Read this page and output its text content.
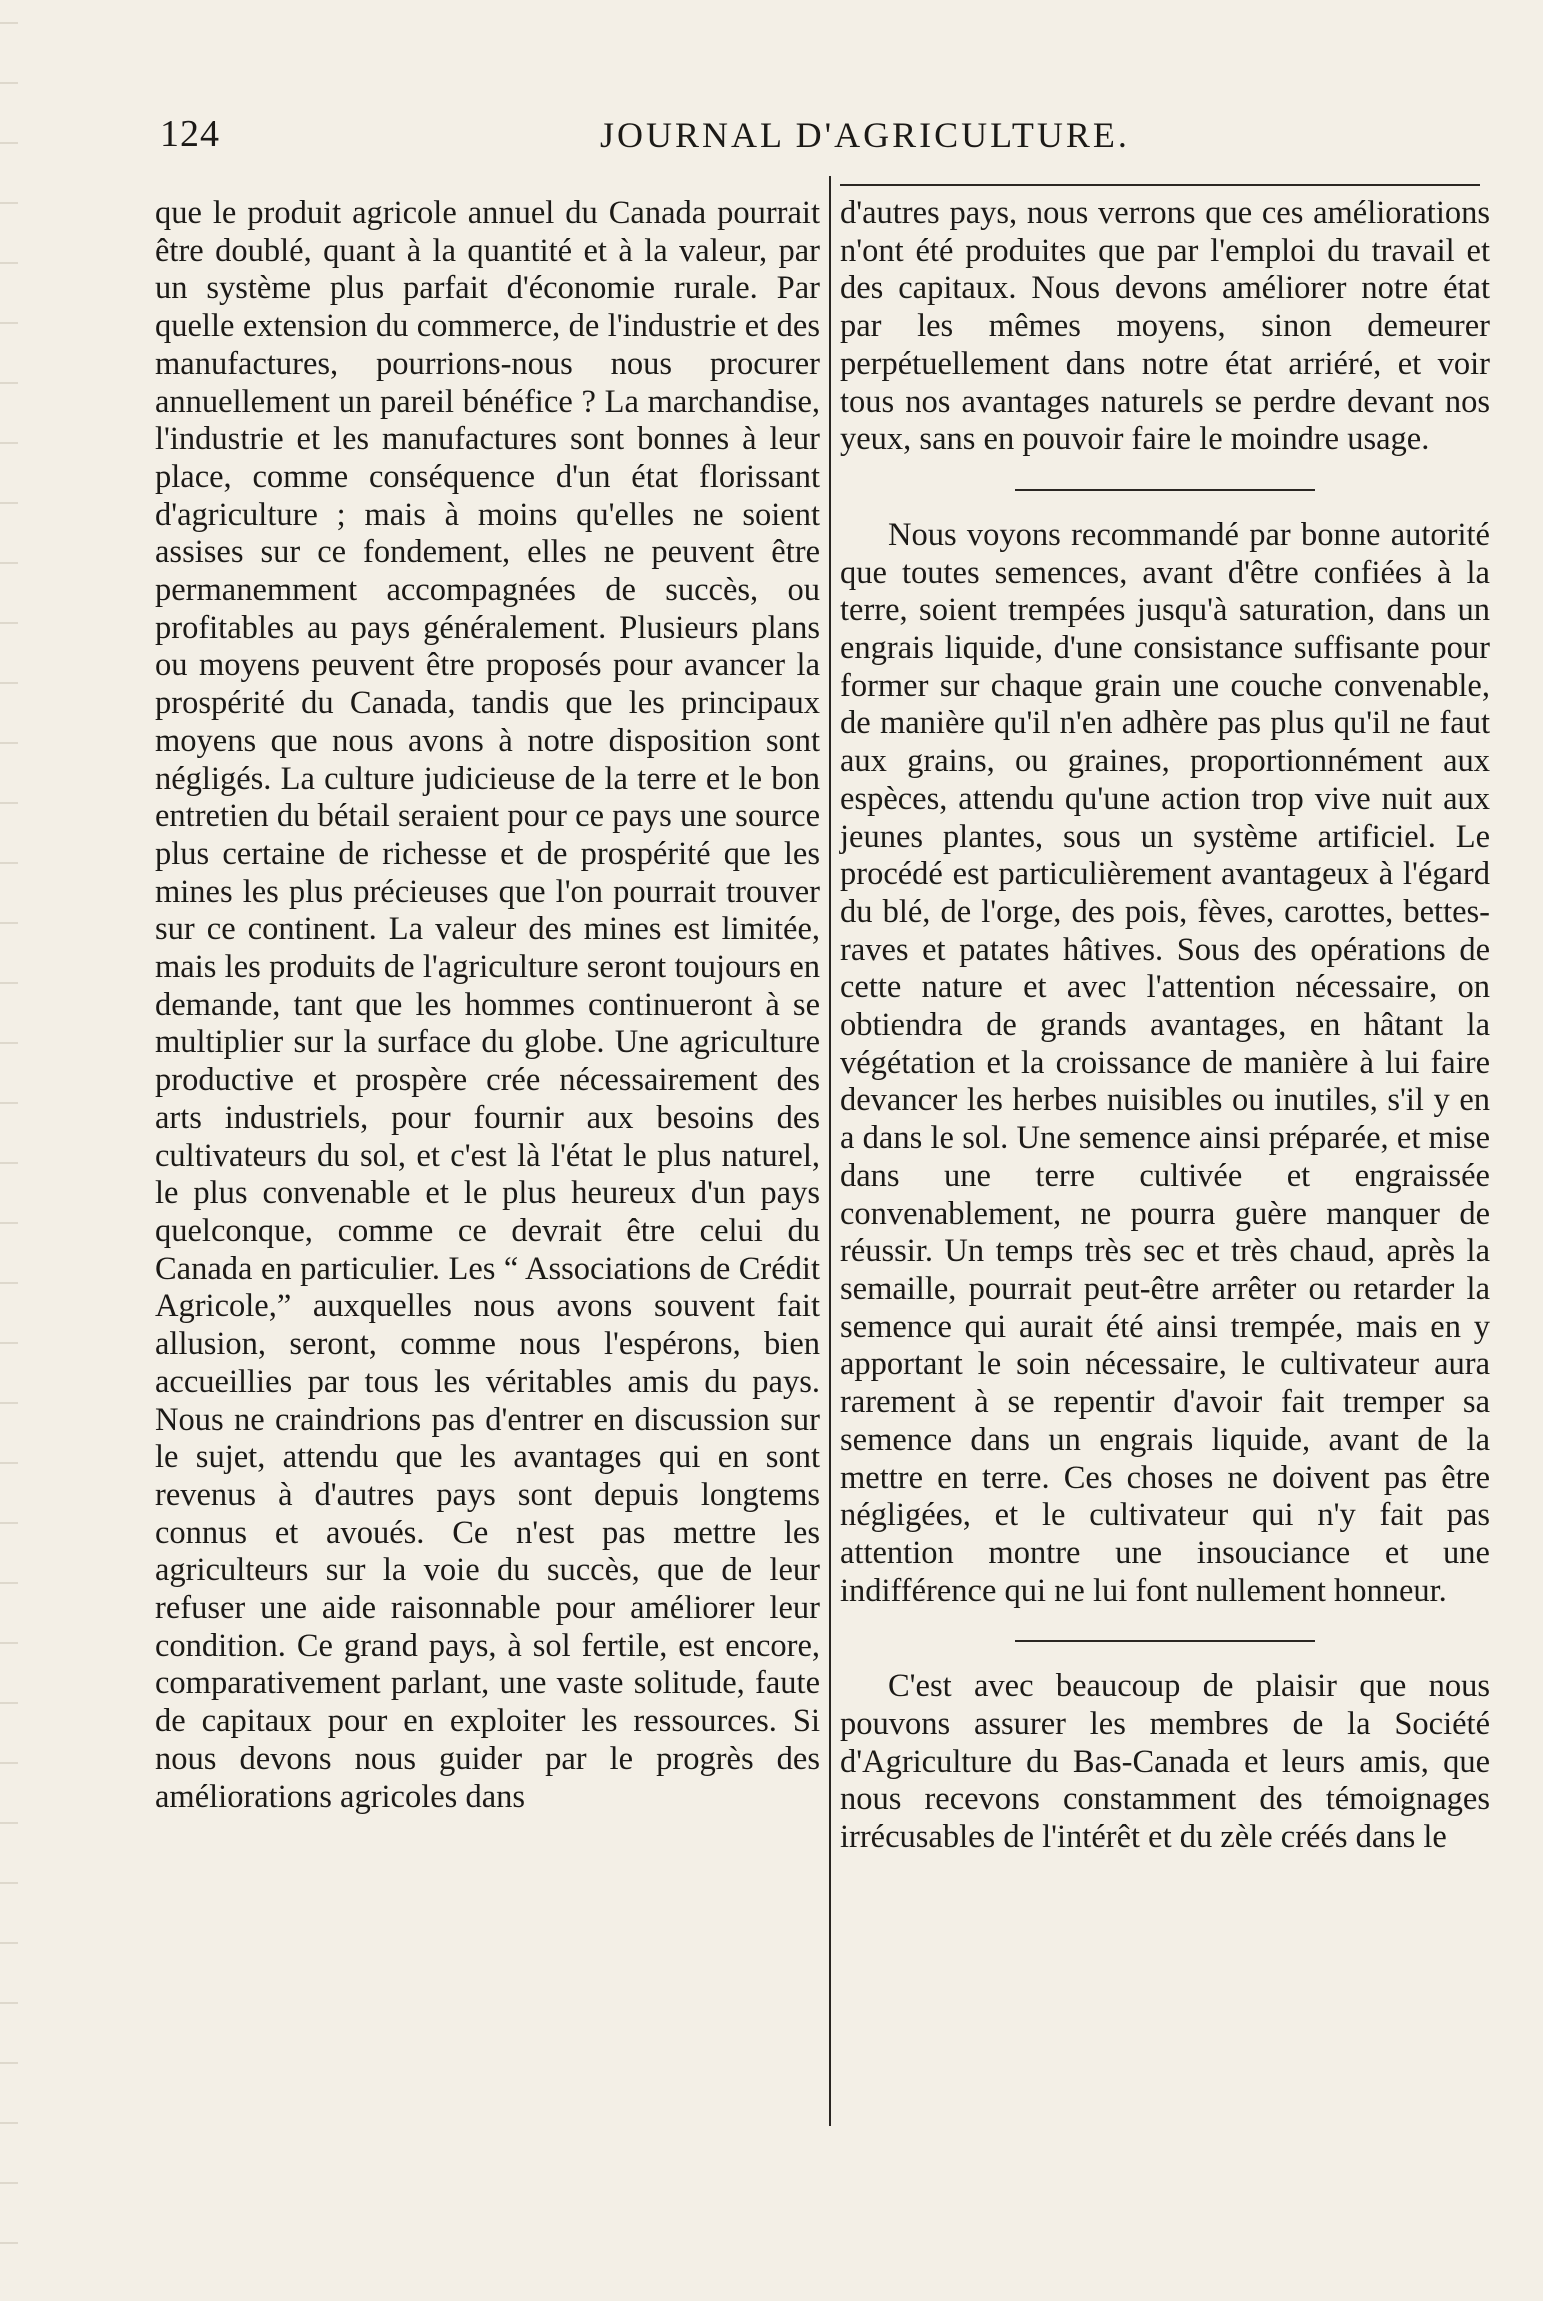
124	JOURNAL D'AGRICULTURE.

que le produit agricole annuel du Canada pourrait être doublé, quant à la quantité et à la valeur, par un système plus parfait d'économie rurale. Par quelle extension du commerce, de l'industrie et des manufactures, pourrions-nous nous procurer annuellement un pareil bénéfice ? La marchandise, l'industrie et les manufactures sont bonnes à leur place, comme conséquence d'un état florissant d'agriculture ; mais à moins qu'elles ne soient assises sur ce fondement, elles ne peuvent être permanemment accompagnées de succès, ou profitables au pays généralement. Plusieurs plans ou moyens peuvent être proposés pour avancer la prospérité du Canada, tandis que les principaux moyens que nous avons à notre disposition sont négligés. La culture judicieuse de la terre et le bon entretien du bétail seraient pour ce pays une source plus certaine de richesse et de prospérité que les mines les plus précieuses que l'on pourrait trouver sur ce continent. La valeur des mines est limitée, mais les produits de l'agriculture seront toujours en demande, tant que les hommes continueront à se multiplier sur la surface du globe. Une agriculture productive et prospère crée nécessairement des arts industriels, pour fournir aux besoins des cultivateurs du sol, et c'est là l'état le plus naturel, le plus convenable et le plus heureux d'un pays quelconque, comme ce devrait être celui du Canada en particulier. Les “ Associations de Crédit Agricole,” auxquelles nous avons souvent fait allusion, seront, comme nous l'espérons, bien accueillies par tous les véritables amis du pays. Nous ne craindrions pas d'entrer en discussion sur le sujet, attendu que les avantages qui en sont revenus à d'autres pays sont depuis longtems connus et avoués. Ce n'est pas mettre les agriculteurs sur la voie du succès, que de leur refuser une aide raisonnable pour améliorer leur condition. Ce grand pays, à sol fertile, est encore, comparativement parlant, une vaste solitude, faute de capitaux pour en exploiter les ressources. Si nous devons nous guider par le progrès des améliorations agricoles dans

d'autres pays, nous verrons que ces améliorations n'ont été produites que par l'emploi du travail et des capitaux. Nous devons améliorer notre état par les mêmes moyens, sinon demeurer perpétuellement dans notre état arriéré, et voir tous nos avantages naturels se perdre devant nos yeux, sans en pouvoir faire le moindre usage.

Nous voyons recommandé par bonne autorité que toutes semences, avant d'être confiées à la terre, soient trempées jusqu'à saturation, dans un engrais liquide, d'une consistance suffisante pour former sur chaque grain une couche convenable, de manière qu'il n'en adhère pas plus qu'il ne faut aux grains, ou graines, proportionnément aux espèces, attendu qu'une action trop vive nuit aux jeunes plantes, sous un système artificiel. Le procédé est particulièrement avantageux à l'égard du blé, de l'orge, des pois, fèves, carottes, bettes-raves et patates hâtives. Sous des opérations de cette nature et avec l'attention nécessaire, on obtiendra de grands avantages, en hâtant la végétation et la croissance de manière à lui faire devancer les herbes nuisibles ou inutiles, s'il y en a dans le sol. Une semence ainsi préparée, et mise dans une terre cultivée et engraissée convenablement, ne pourra guère manquer de réussir. Un temps très sec et très chaud, après la semaille, pourrait peut-être arrêter ou retarder la semence qui aurait été ainsi trempée, mais en y apportant le soin nécessaire, le cultivateur aura rarement à se repentir d'avoir fait tremper sa semence dans un engrais liquide, avant de la mettre en terre. Ces choses ne doivent pas être négligées, et le cultivateur qui n'y fait pas attention montre une insouciance et une indifférence qui ne lui font nullement honneur.

C'est avec beaucoup de plaisir que nous pouvons assurer les membres de la Société d'Agriculture du Bas-Canada et leurs amis, que nous recevons constamment des témoignages irrécusables de l'intérêt et du zèle créés dans le
